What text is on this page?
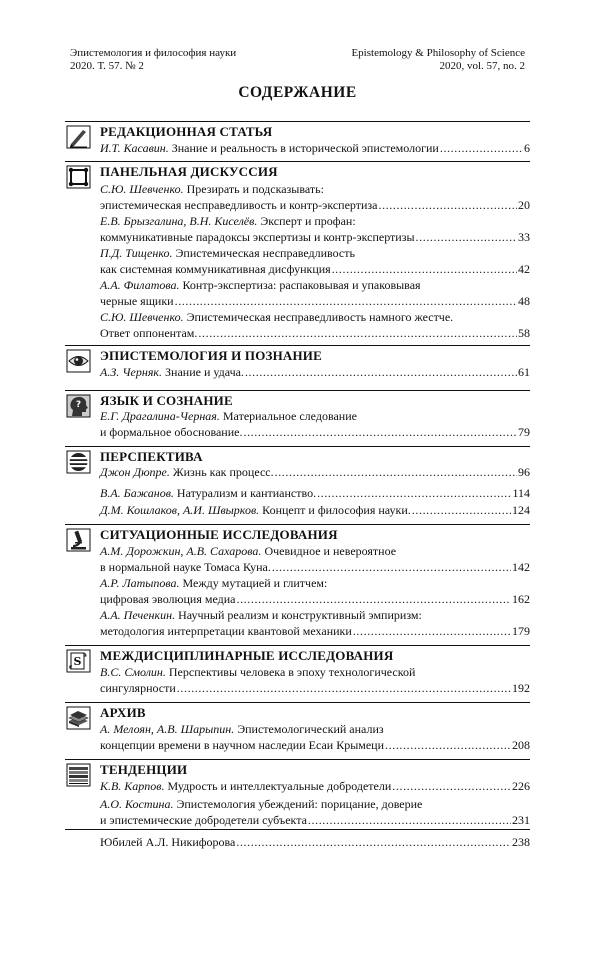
Эпистемология и философия науки
2020. Т. 57. № 2
Epistemology & Philosophy of Science
2020, vol. 57, no. 2
СОДЕРЖАНИЕ
РЕДАКЦИОННАЯ СТАТЬЯ
И.Т. Касавин. Знание и реальность в исторической эпистемологии .....	6
ПАНЕЛЬНАЯ ДИСКУССИЯ
С.Ю. Шевченко. Презирать и подсказывать:
эпистемическая несправедливость и контр-экспертиза .....	20
Е.В. Брызгалина, В.Н. Киселёв. Эксперт и профан:
коммуникативные парадоксы экспертизы и контр-экспертизы .....	33
П.Д. Тищенко. Эпистемическая несправедливость
как системная коммуникативная дисфункция .....	42
А.А. Филатова. Контр-экспертиза: распаковывая и упаковывая
черные ящики .....	48
С.Ю. Шевченко. Эпистемическая несправедливость намного жестче.
Ответ оппонентам. .....	58
ЭПИСТЕМОЛОГИЯ И ПОЗНАНИЕ
А.З. Черняк. Знание и удача. .....	61
? ЯЗЫК И СОЗНАНИЕ
Е.Г. Драгалина-Черная. Материальное следование
и формальное обоснование. .....	79
ПЕРСПЕКТИВА
Джон Дюпре. Жизнь как процесс. .....	96
В.А. Бажанов. Натурализм и кантианство. .....	114
Д.М. Кошлаков, А.И. Швырков. Концепт и философия науки. .....	124
СИТУАЦИОННЫЕ ИССЛЕДОВАНИЯ
А.М. Дорожкин, А.В. Сахарова. Очевидное и невероятное
в нормальной науке Томаса Куна. .....	142
А.Р. Латыпова. Между мутацией и глитчем:
цифровая эволюция медиа .....	162
А.А. Печенкин. Научный реализм и конструктивный эмпиризм:
методология интерпретации квантовой механики .....	179
S МЕЖДИСЦИПЛИНАРНЫЕ ИССЛЕДОВАНИЯ
В.С. Смолин. Перспективы человека в эпоху технологической
сингулярности .....	192
АРХИВ
А. Мелоян, А.В. Шарыпин. Эпистемологический анализ
концепции времени в научном наследии Есаи Крымеци .....	208
ТЕНДЕНЦИИ
К.В. Карпов. Мудрость и интеллектуальные добродетели .....	226
А.О. Костина. Эпистемология убеждений: порицание, доверие
и эпистемические добродетели субъекта .....	231
Юбилей А.Л. Никифорова .....	238
